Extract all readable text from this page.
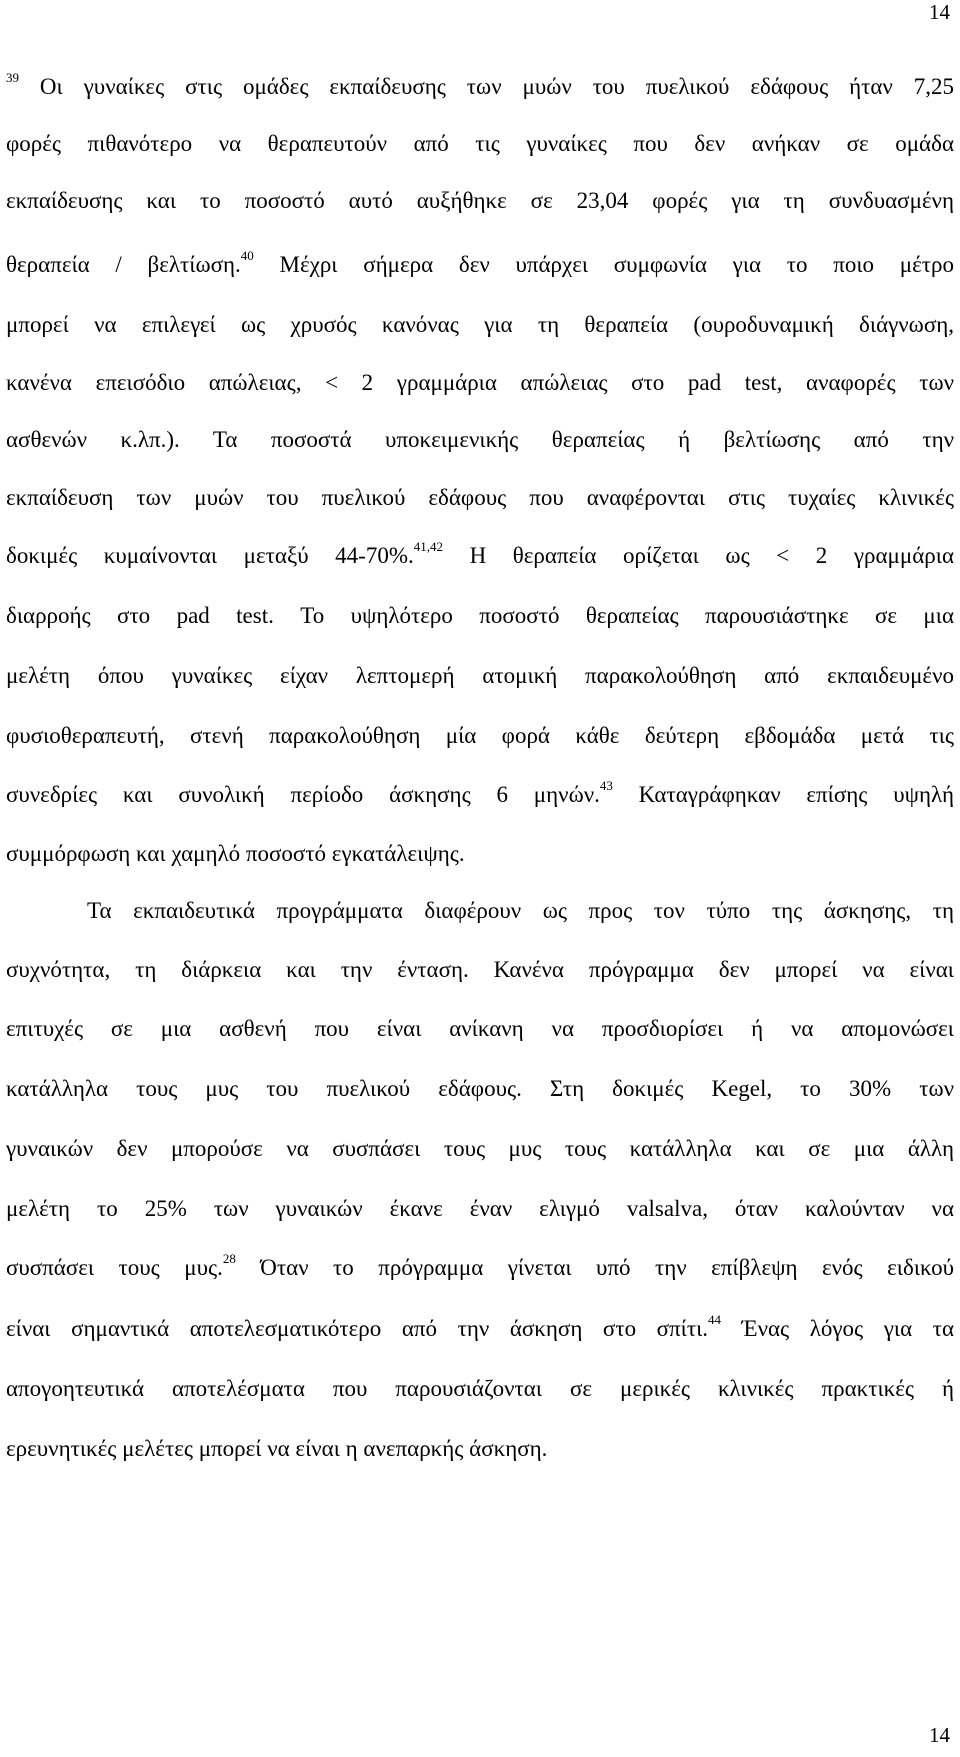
14
$^{39}$ Οι γυναίκες στις ομάδες εκπαίδευσης των μυών του πυελικού εδάφους ήταν 7,25
φορές πιθανότερο να θεραπευτούν από τις γυναίκες που δεν ανήκαν σε ομάδα
εκπαίδευσης και το ποσοστό αυτό αυξήθηκε σε 23,04 φορές για τη συνδυασμένη
θεραπεία / βελτίωση.$^{40}$ Μέχρι σήμερα δεν υπάρχει συμφωνία για το ποιο μέτρο
μπορεί να επιλεγεί ως χρυσός κανόνας για τη θεραπεία (ουροδυναμική διάγνωση,
κανένα επεισόδιο απώλειας, < 2 γραμμάρια απώλειας στο pad test, αναφορές των
ασθενών κ.λπ.). Τα ποσοστά υποκειμενικής θεραπείας ή βελτίωσης από την
εκπαίδευση των μυών του πυελικού εδάφους που αναφέρονται στις τυχαίες κλινικές
δοκιμές κυμαίνονται μεταξύ 44-70%.$^{41,42}$ Η θεραπεία ορίζεται ως < 2 γραμμάρια
διαρροής στο pad test. Το υψηλότερο ποσοστό θεραπείας παρουσιάστηκε σε μια
μελέτη όπου γυναίκες είχαν λεπτομερή ατομική παρακολούθηση από εκπαιδευμένο
φυσιοθεραπευτή, στενή παρακολούθηση μία φορά κάθε δεύτερη εβδομάδα μετά τις
συνεδρίες και συνολική περίοδο άσκησης 6 μηνών.$^{43}$ Καταγράφηκαν επίσης υψηλή
συμμόρφωση και χαμηλό ποσοστό εγκατάλειψης.
Τα εκπαιδευτικά προγράμματα διαφέρουν ως προς τον τύπο της άσκησης, τη
συχνότητα, τη διάρκεια και την ένταση. Κανένα πρόγραμμα δεν μπορεί να είναι
επιτυχές σε μια ασθενή που είναι ανίκανη να προσδιορίσει ή να απομονώσει
κατάλληλα τους μυς του πυελικού εδάφους. Στη δοκιμές Kegel, το 30% των
γυναικών δεν μπορούσε να συσπάσει τους μυς τους κατάλληλα και σε μια άλλη
μελέτη το 25% των γυναικών έκανε έναν ελιγμό valsalva, όταν καλούνταν να
συσπάσει τους μυς.$^{28}$ Όταν το πρόγραμμα γίνεται υπό την επίβλεψη ενός ειδικού
είναι σημαντικά αποτελεσματικότερο από την άσκηση στο σπίτι.$^{44}$ Ένας λόγος για τα
απογοητευτικά αποτελέσματα που παρουσιάζονται σε μερικές κλινικές πρακτικές ή
ερευνητικές μελέτες μπορεί να είναι η ανεπαρκής άσκηση.
14
